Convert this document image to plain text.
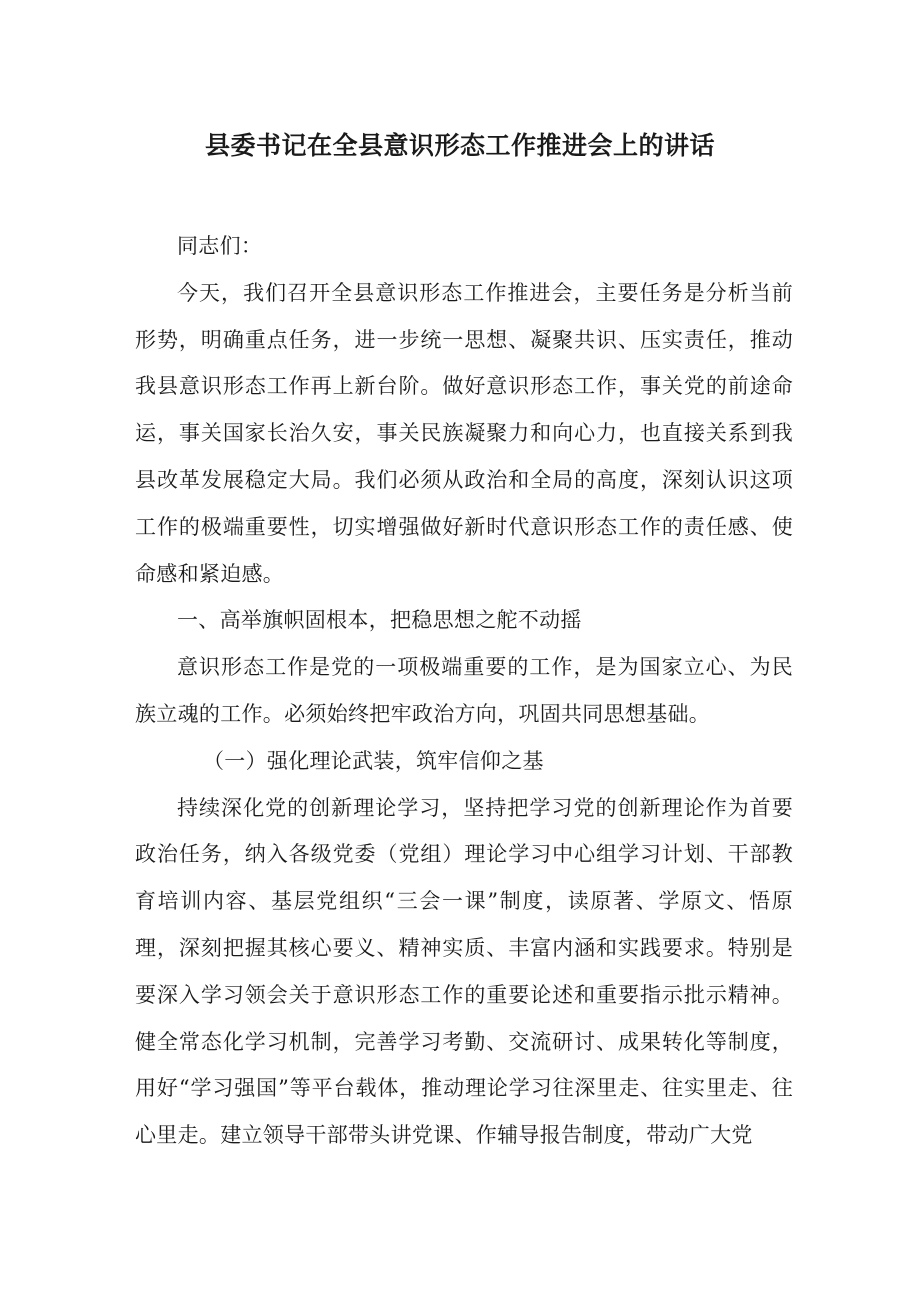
县委书记在全县意识形态工作推进会上的讲话

同志们：

今天，我们召开全县意识形态工作推进会，主要任务是分析当前形势，明确重点任务，进一步统一思想、凝聚共识、压实责任，推动我县意识形态工作再上新台阶。做好意识形态工作，事关党的前途命运，事关国家长治久安，事关民族凝聚力和向心力，也直接关系到我县改革发展稳定大局。我们必须从政治和全局的高度，深刻认识这项工作的极端重要性，切实增强做好新时代意识形态工作的责任感、使命感和紧迫感。

一、高举旗帜固根本，把稳思想之舵不动摇

意识形态工作是党的一项极端重要的工作，是为国家立心、为民族立魂的工作。必须始终把牢政治方向，巩固共同思想基础。

（一）强化理论武装，筑牢信仰之基

持续深化党的创新理论学习，坚持把学习党的创新理论作为首要政治任务，纳入各级党委（党组）理论学习中心组学习计划、干部教育培训内容、基层党组织“三会一课”制度，读原著、学原文、悟原理，深刻把握其核心要义、精神实质、丰富内涵和实践要求。特别是要深入学习领会关于意识形态工作的重要论述和重要指示批示精神。健全常态化学习机制，完善学习考勤、交流研讨、成果转化等制度，用好“学习强国”等平台载体，推动理论学习往深里走、往实里走、往心里走。建立领导干部带头讲党课、作辅导报告制度，带动广大党
